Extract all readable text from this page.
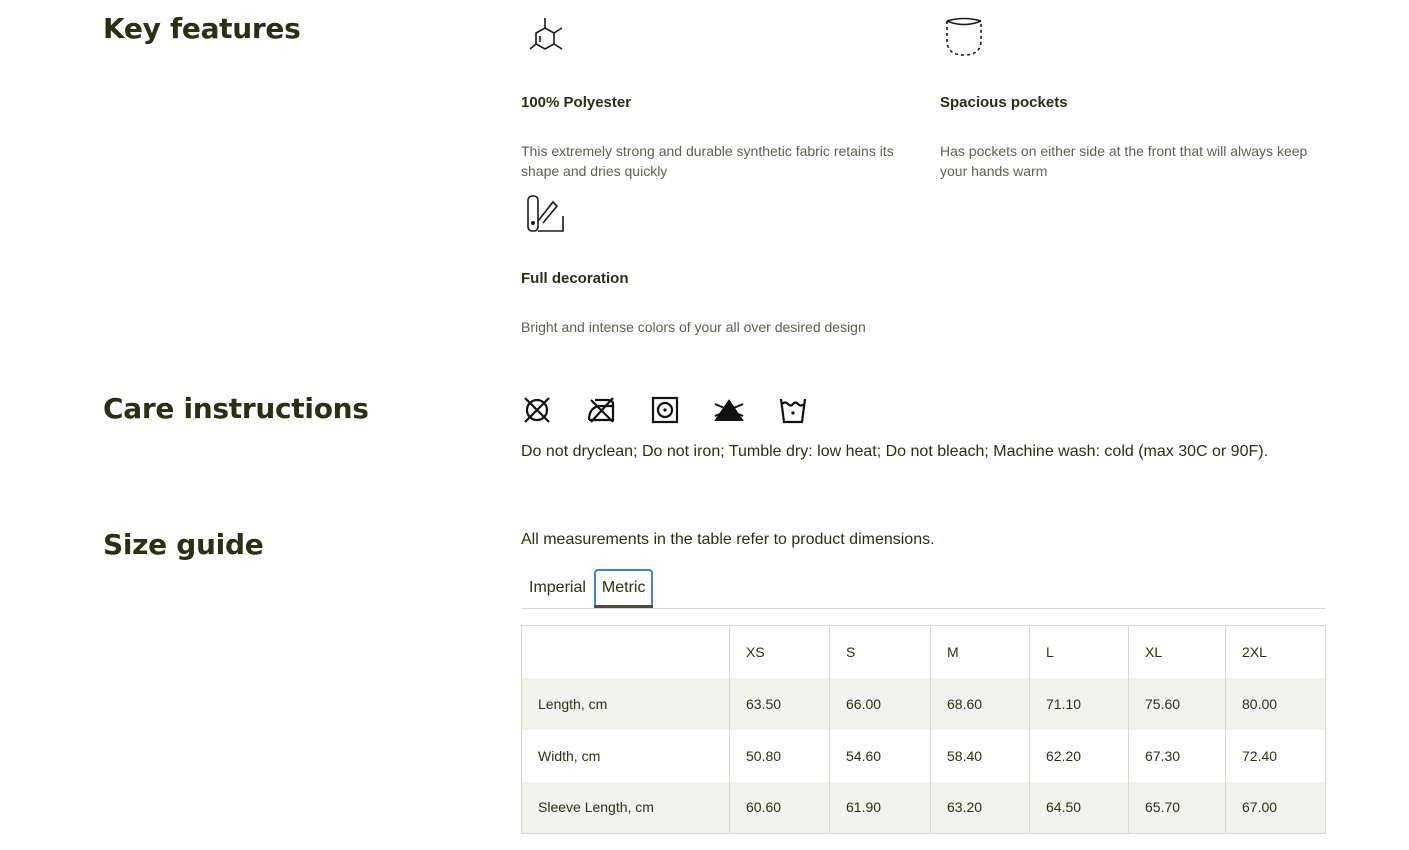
Key features
100% Polyester
This extremely strong and durable synthetic fabric retains its shape and dries quickly
Spacious pockets
Has pockets on either side at the front that will always keep your hands warm
Full decoration
Bright and intense colors of your all over desired design
Care instructions
Do not dryclean; Do not iron; Tumble dry: low heat; Do not bleach; Machine wash: cold (max 30C or 90F).
Size guide	All measurements in the table refer to product dimensions.
Imperial	Metric
	XS	S	M	L	XL	2XL
Length, cm	63.50	66.00	68.60	71.10	75.60	80.00
Width, cm	50.80	54.60	58.40	62.20	67.30	72.40
Sleeve Length, cm	60.60	61.90	63.20	64.50	65.70	67.00
